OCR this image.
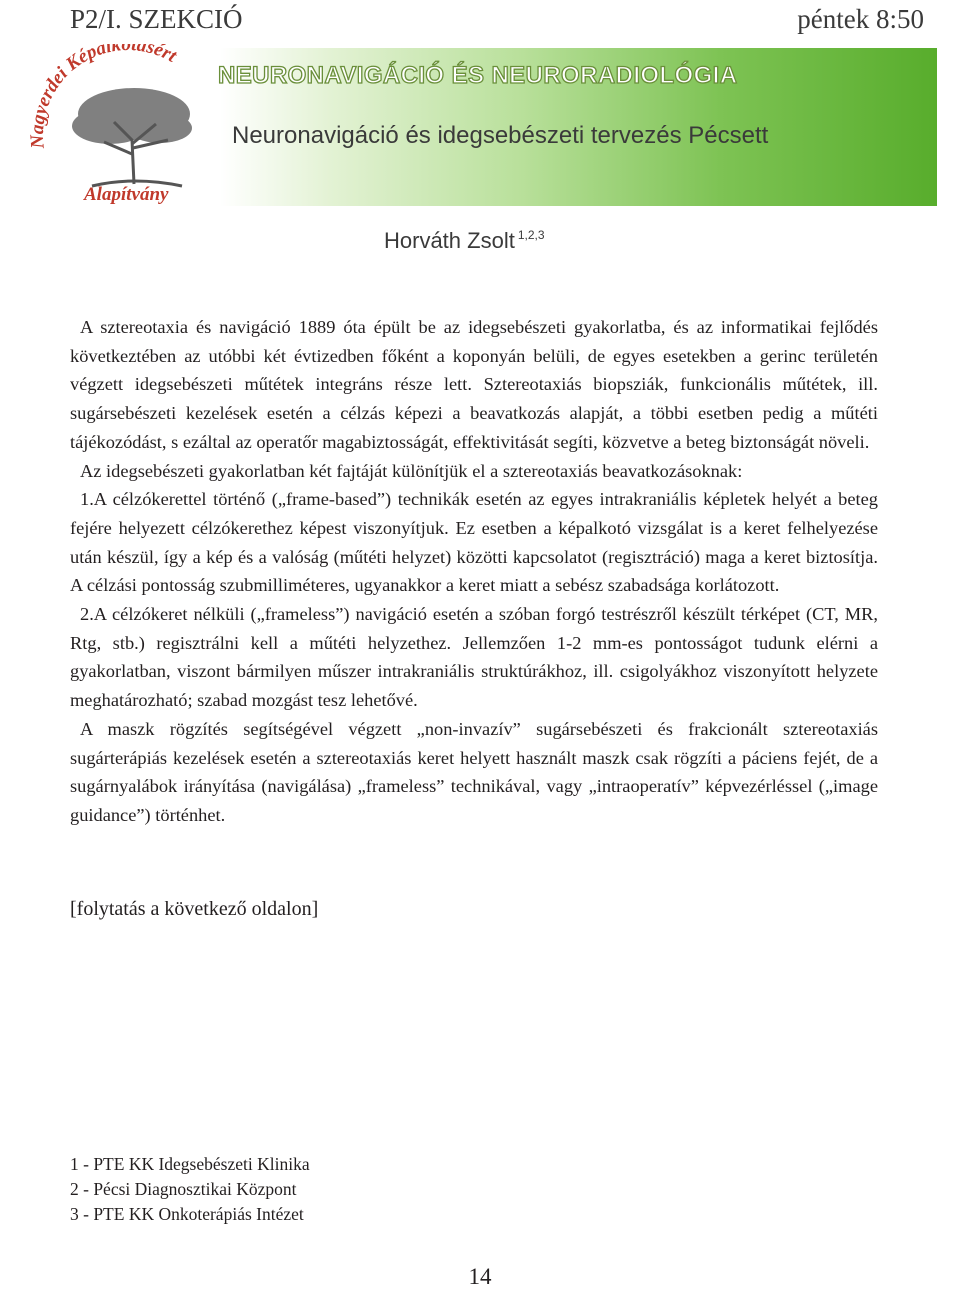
P2/I. SZEKCIÓ	péntek 8:50
Nagyerdei Képalkotásért
Alapítvány
NEURONAVIGÁCIÓ ÉS NEURORADIOLÓGIA
Neuronavigáció és idegsebészeti tervezés Pécsett
Horváth Zsolt $^{1,2,3}$

A sztereotaxia és navigáció 1889 óta épült be az idegsebészeti gyakorlatba, és az informatikai fejlődés következtében az utóbbi két évtizedben főként a koponyán belüli, de egyes esetekben a gerinc területén végzett idegsebészeti műtétek integráns része lett. Sztereotaxiás biopsziák, funkcionális műtétek, ill. sugársebészeti kezelések esetén a célzás képezi a beavatkozás alapját, a többi esetben pedig a műtéti tájékozódást, s ezáltal az operatőr magabiztosságát, effektivitását segíti, közvetve a beteg biztonságát növeli.

Az idegsebészeti gyakorlatban két fajtáját különítjük el a sztereotaxiás beavatkozásoknak:

1.A célzókerettel történő („frame-based”) technikák esetén az egyes intrakraniális képletek helyét a beteg fejére helyezett célzókerethez képest viszonyítjuk. Ez esetben a képalkotó vizsgálat is a keret felhelyezése után készül, így a kép és a valóság (műtéti helyzet) közötti kapcsolatot (regisztráció) maga a keret biztosítja. A célzási pontosság szubmilliméteres, ugyanakkor a keret miatt a sebész szabadsága korlátozott.

2.A célzókeret nélküli („frameless”) navigáció esetén a szóban forgó testrészről készült térképet (CT, MR, Rtg, stb.) regisztrálni kell a műtéti helyzethez. Jellemzően 1-2 mm-es pontosságot tudunk elérni a gyakorlatban, viszont bármilyen műszer intrakraniális struktúrákhoz, ill. csigolyákhoz viszonyított helyzete meghatározható; szabad mozgást tesz lehetővé.

A maszk rögzítés segítségével végzett „non-invazív” sugársebészeti és frakcionált sztereotaxiás sugárterápiás kezelések esetén a sztereotaxiás keret helyett használt maszk csak rögzíti a páciens fejét, de a sugárnyalábok irányítása (navigálása) „frameless” technikával, vagy „intraoperatív” képvezérléssel („image guidance”) történhet.

[folytatás a következő oldalon]
1 - PTE KK Idegsebészeti Klinika
2 - Pécsi Diagnosztikai Központ
3 - PTE KK Onkoterápiás Intézet
14
